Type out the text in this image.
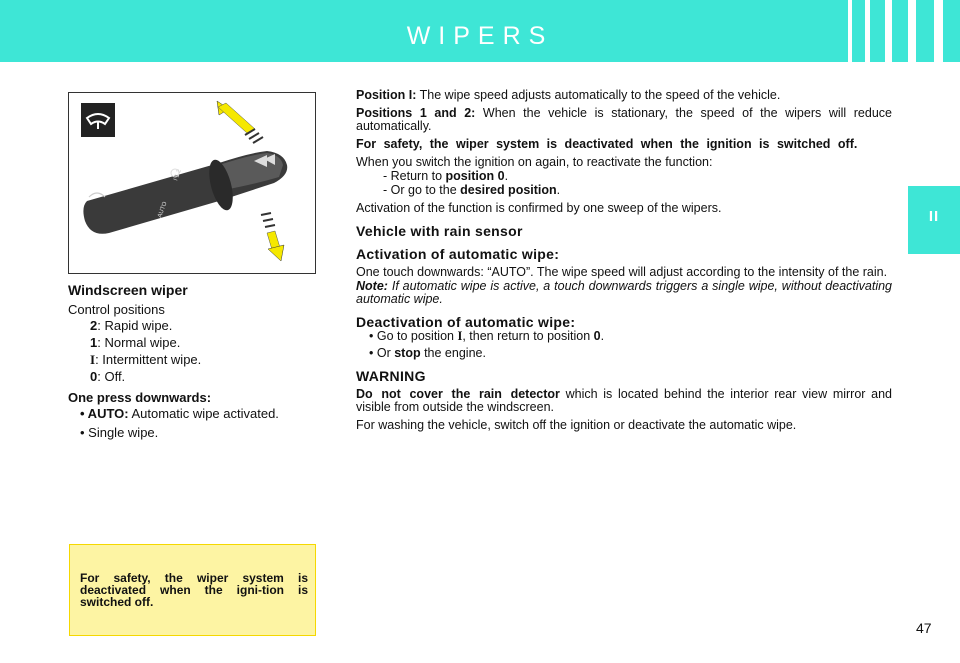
WIPERS
II
I 1 2
AUTO
Windscreen wiper

Control positions

2: Rapid wipe.

1: Normal wipe.

I: Intermittent wipe.

0: Off.

One press downwards:

• AUTO: Automatic wipe activated.

• Single wipe.

For safety, the wiper system is deactivated when the igni-tion is switched off.

Position I: The wipe speed adjusts automatically to the speed of the vehicle.

Positions 1 and 2: When the vehicle is stationary, the speed of the wipers will reduce automatically.

For safety, the wiper system is deactivated when the ignition is switched off.

When you switch the ignition on again, to reactivate the function:

- Return to position 0.

- Or go to the desired position.

Activation of the function is confirmed by one sweep of the wipers.

Vehicle with rain sensor
Activation of automatic wipe:

One touch downwards: “AUTO”. The wipe speed will adjust according to the intensity of the rain.

Note: If automatic wipe is active, a touch downwards triggers a single wipe, without deactivating automatic wipe.

Deactivation of automatic wipe:

• Go to position I, then return to position 0.

• Or stop the engine.

WARNING

Do not cover the rain detector which is located behind the interior rear view mirror and visible from outside the windscreen.

For washing the vehicle, switch off the ignition or deactivate the automatic wipe.

47
